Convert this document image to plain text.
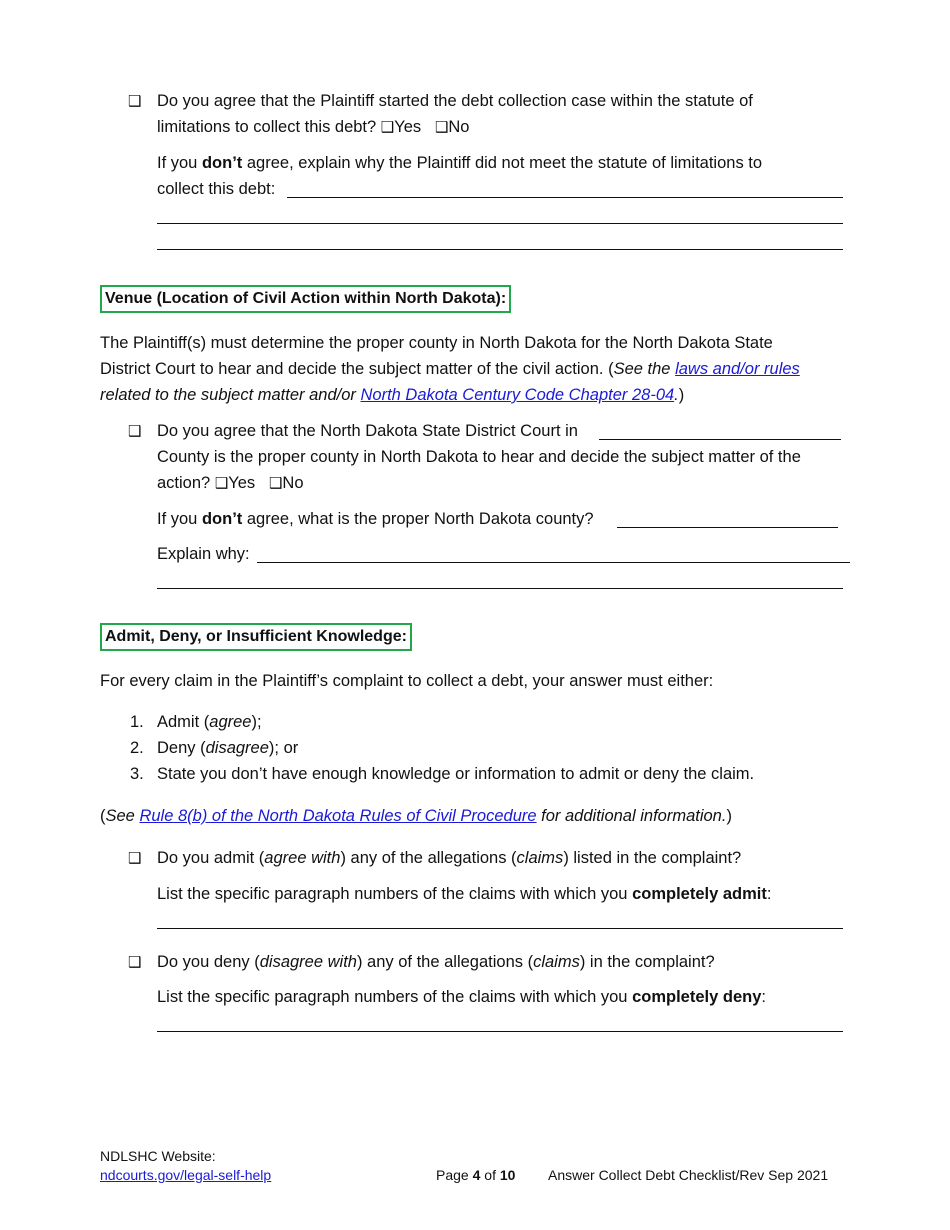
❑ Do you agree that the Plaintiff started the debt collection case within the statute of
limitations to collect this debt? ❑Yes ❑No
If you don’t agree, explain why the Plaintiff did not meet the statute of limitations to
collect this debt:
Venue (Location of Civil Action within North Dakota):
The Plaintiff(s) must determine the proper county in North Dakota for the North Dakota State
District Court to hear and decide the subject matter of the civil action. (See the laws and/or rules
related to the subject matter and/or North Dakota Century Code Chapter 28-04.)
❑ Do you agree that the North Dakota State District Court in
County is the proper county in North Dakota to hear and decide the subject matter of the
action? ❑Yes ❑No
If you don’t agree, what is the proper North Dakota county?
Explain why:
Admit, Deny, or Insufficient Knowledge:
For every claim in the Plaintiff’s complaint to collect a debt, your answer must either:
1. Admit (agree);
2. Deny (disagree); or
3. State you don’t have enough knowledge or information to admit or deny the claim.
(See Rule 8(b) of the North Dakota Rules of Civil Procedure for additional information.)
❑ Do you admit (agree with) any of the allegations (claims) listed in the complaint?
List the specific paragraph numbers of the claims with which you completely admit:
❑ Do you deny (disagree with) any of the allegations (claims) in the complaint?
List the specific paragraph numbers of the claims with which you completely deny:
NDLSHC Website:
ndcourts.gov/legal-self-help	Page 4 of 10 Answer Collect Debt Checklist/Rev Sep 2021
